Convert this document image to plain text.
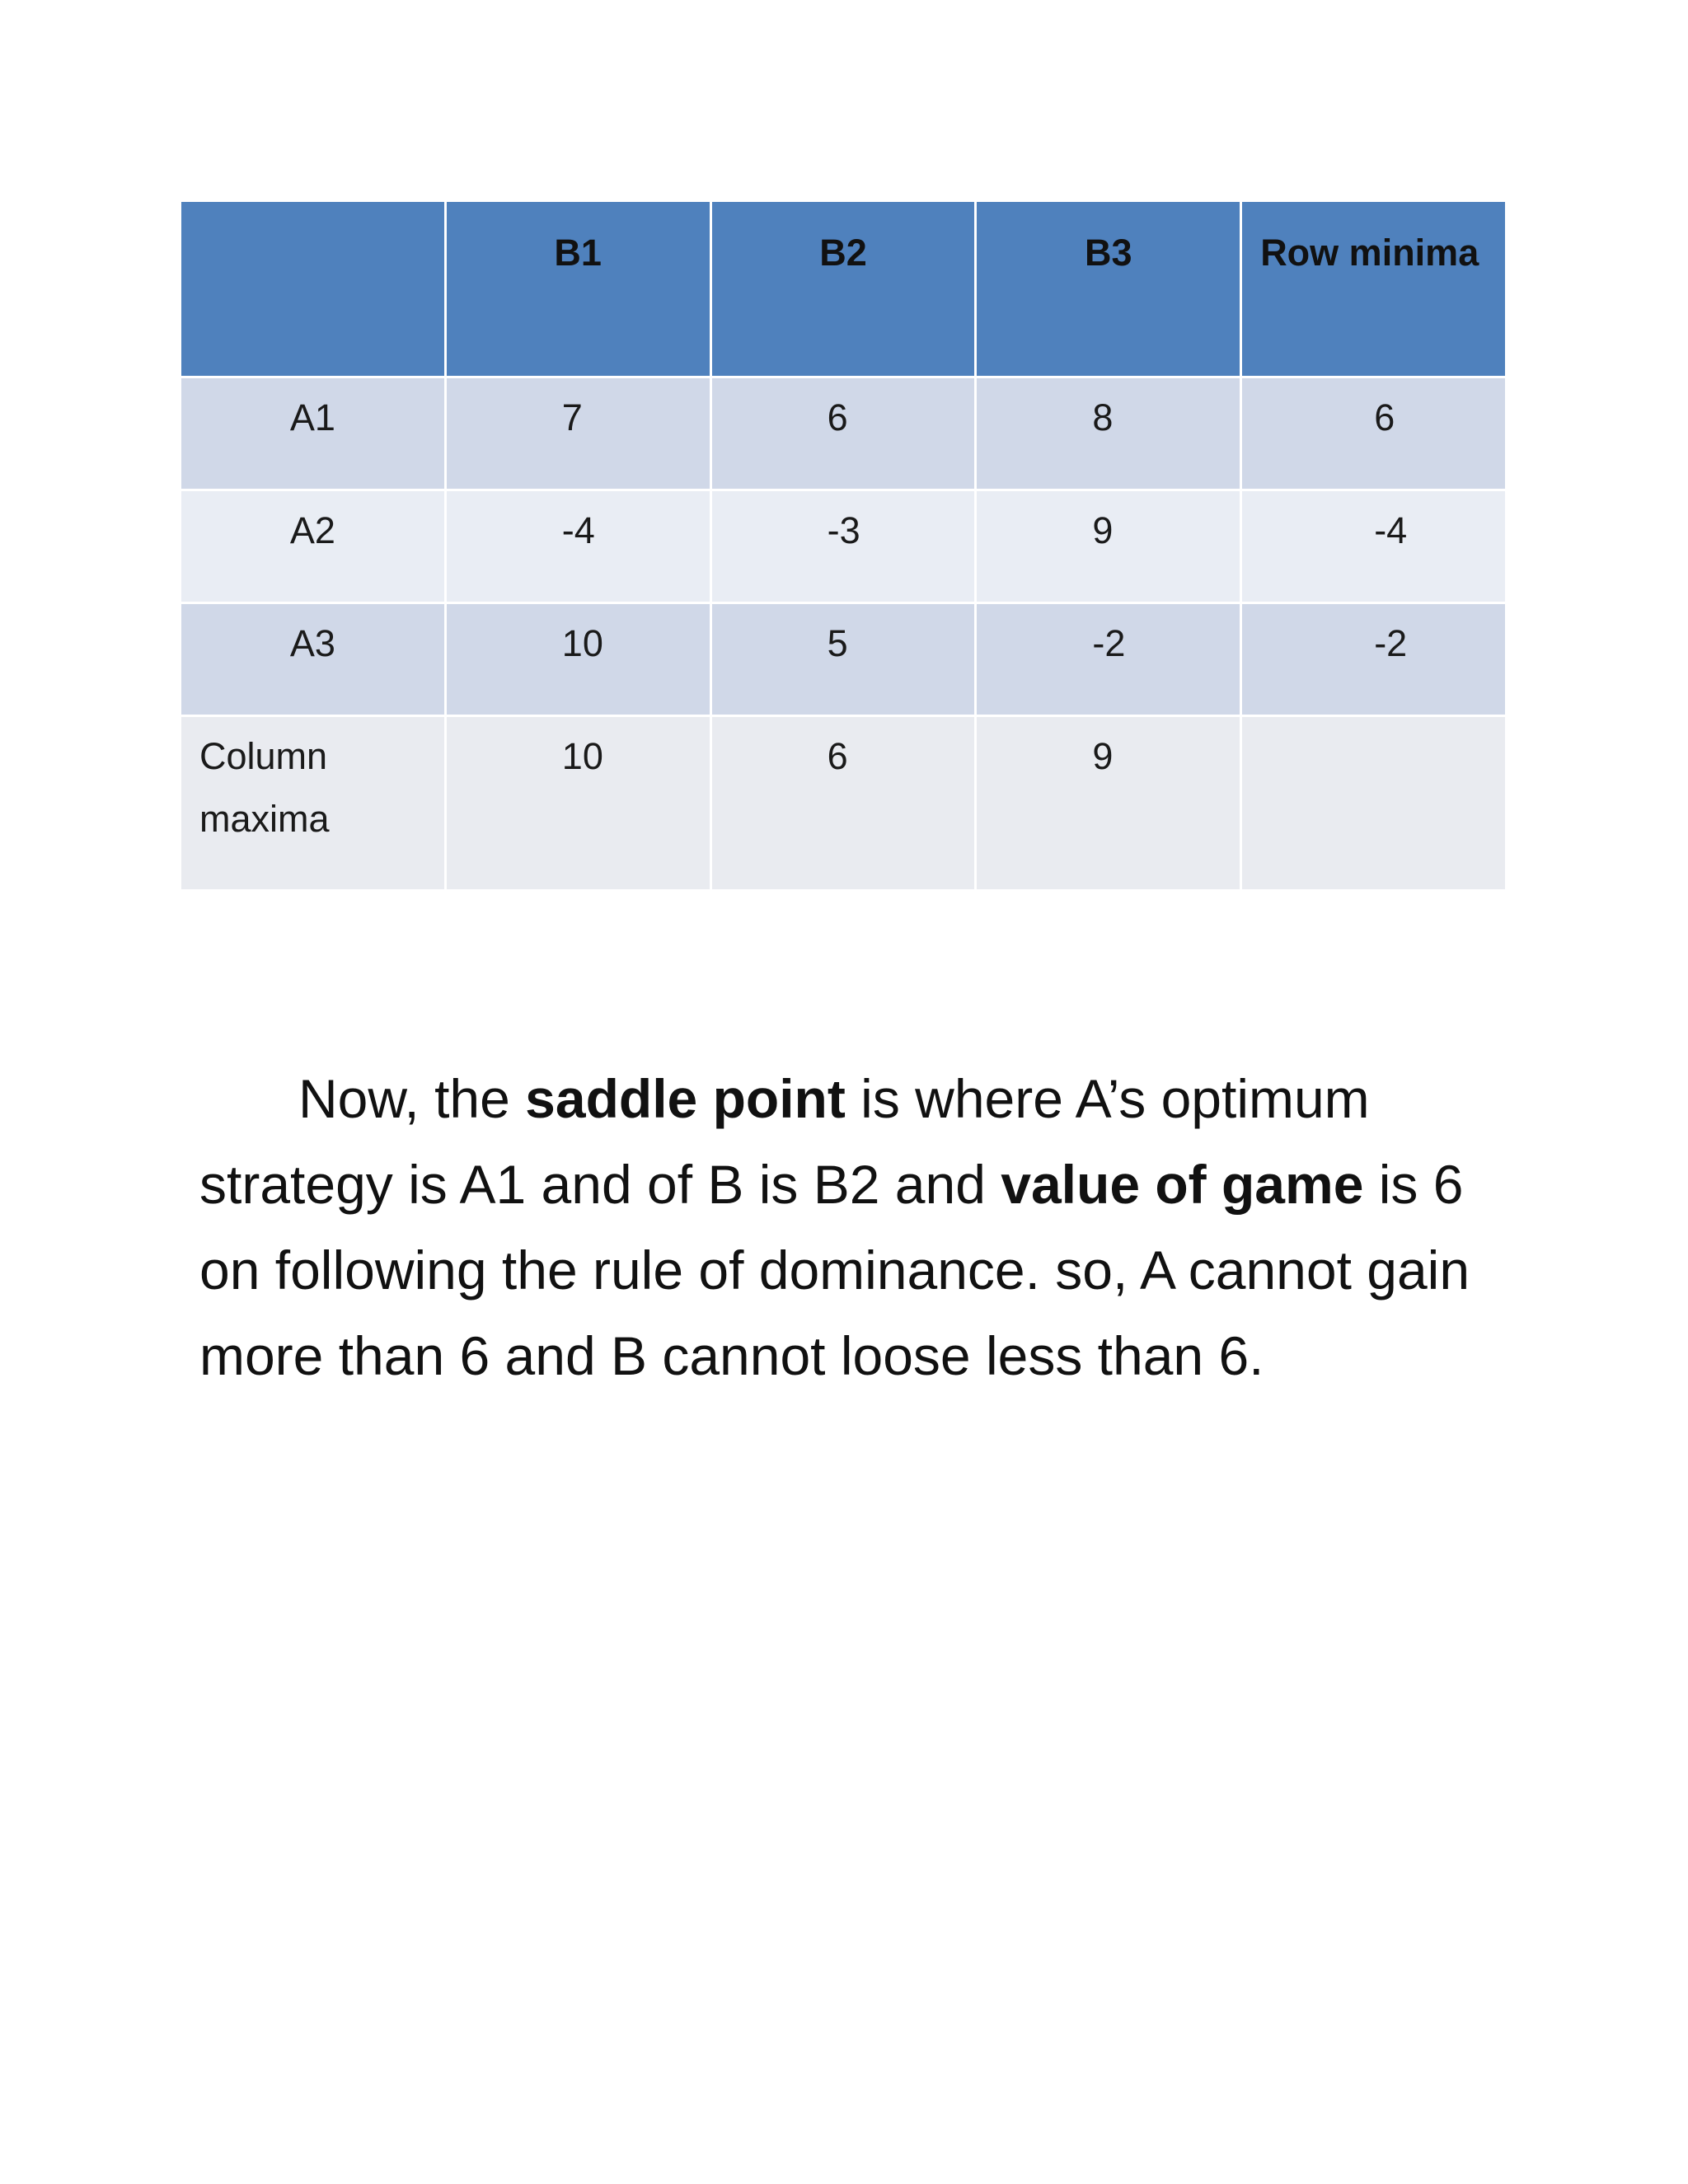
	B1	B2	B3	Row minima
A1	7	6	8	6
A2	-4	-3	9	-4
A3	10	5	-2	-2
Column maxima	10	6	9	

Now, the saddle point is where A’s optimum strategy is A1 and of B is B2 and value of game is 6 on following the rule of dominance. so, A cannot gain more than 6 and B cannot loose less than 6.
